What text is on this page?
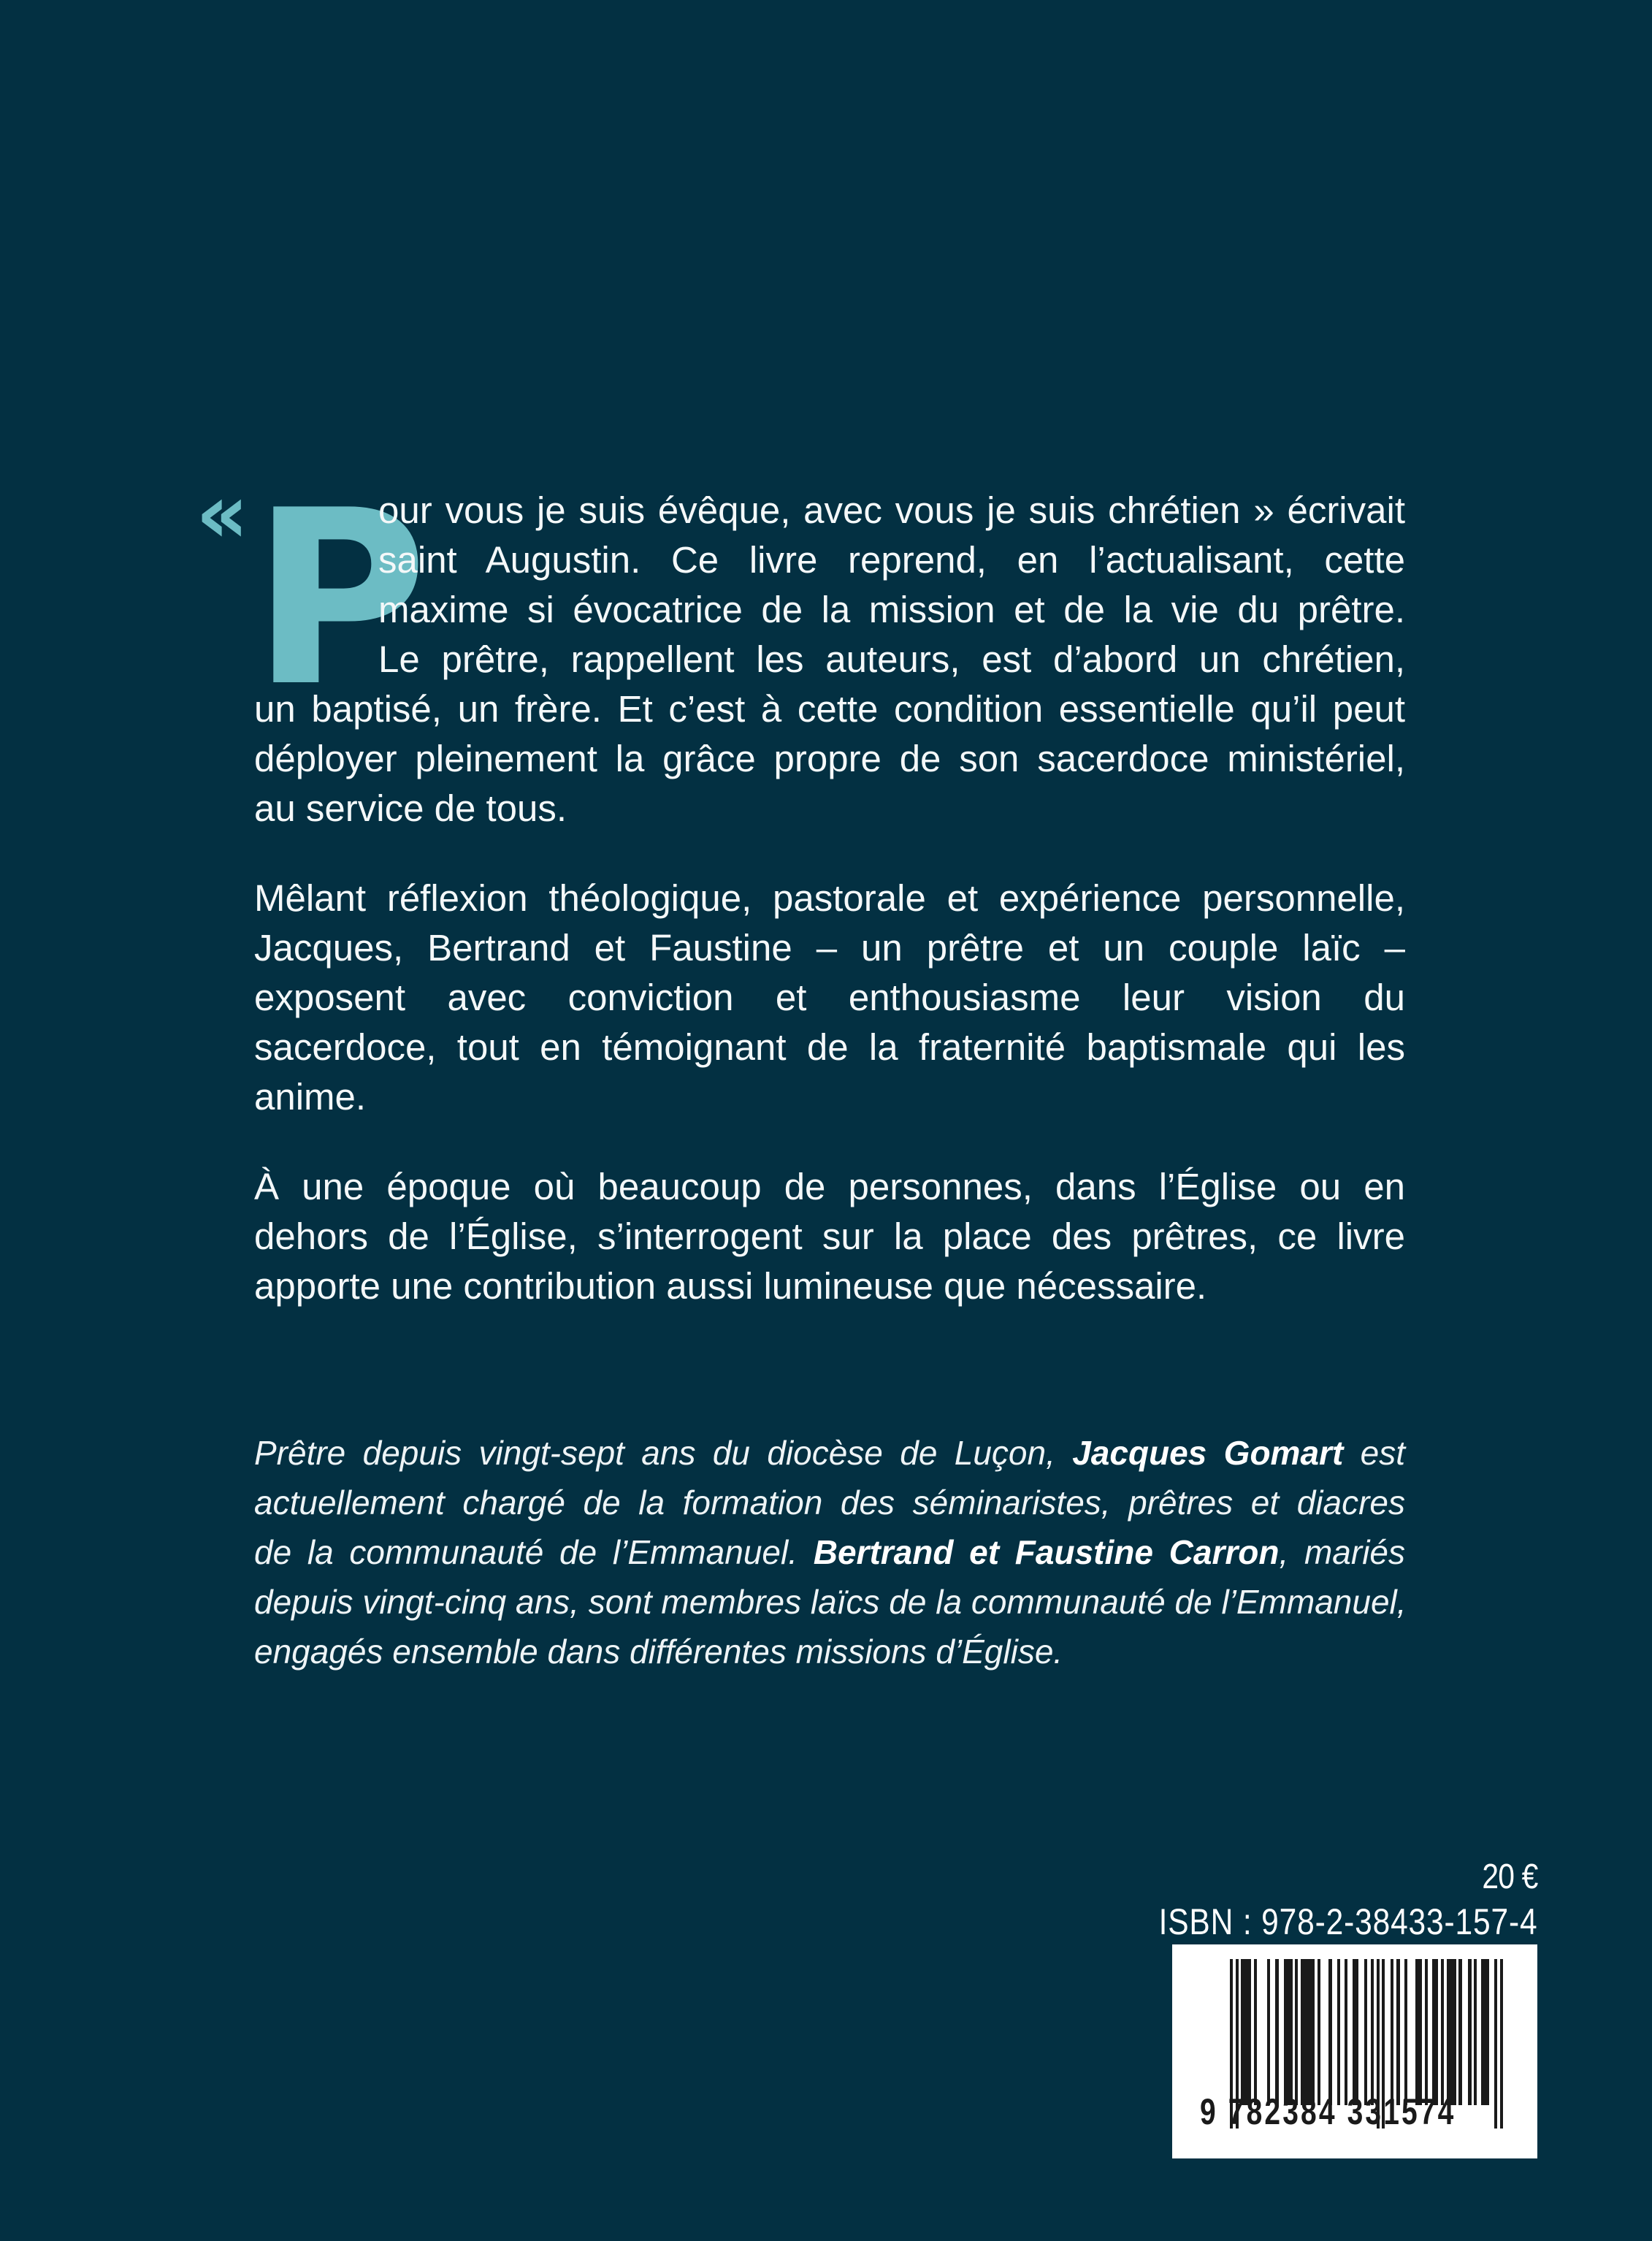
« P
our vous je suis évêque, avec vous je suis chrétien » écrivait
saint Augustin. Ce livre reprend, en l’actualisant, cette
maxime si évocatrice de la mission et de la vie du prêtre.
Le prêtre, rappellent les auteurs, est d’abord un chrétien,
un baptisé, un frère. Et c’est à cette condition essentielle qu’il peut
déployer pleinement la grâce propre de son sacerdoce ministériel,
au service de tous.
Mêlant réflexion théologique, pastorale et expérience personnelle,
Jacques, Bertrand et Faustine – un prêtre et un couple laïc –
exposent avec conviction et enthousiasme leur vision du
sacerdoce, tout en témoignant de la fraternité baptismale qui les
anime.
À une époque où beaucoup de personnes, dans l’Église ou en
dehors de l’Église, s’interrogent sur la place des prêtres, ce livre
apporte une contribution aussi lumineuse que nécessaire.
Prêtre depuis vingt-sept ans du diocèse de Luçon, Jacques Gomart est
actuellement chargé de la formation des séminaristes, prêtres et diacres
de la communauté de l’Emmanuel. Bertrand et Faustine Carron, mariés
depuis vingt-cinq ans, sont membres laïcs de la communauté de l’Emmanuel,
engagés ensemble dans différentes missions d’Église.
20 €
ISBN : 978-2-38433-157-4
9 782384 331574
